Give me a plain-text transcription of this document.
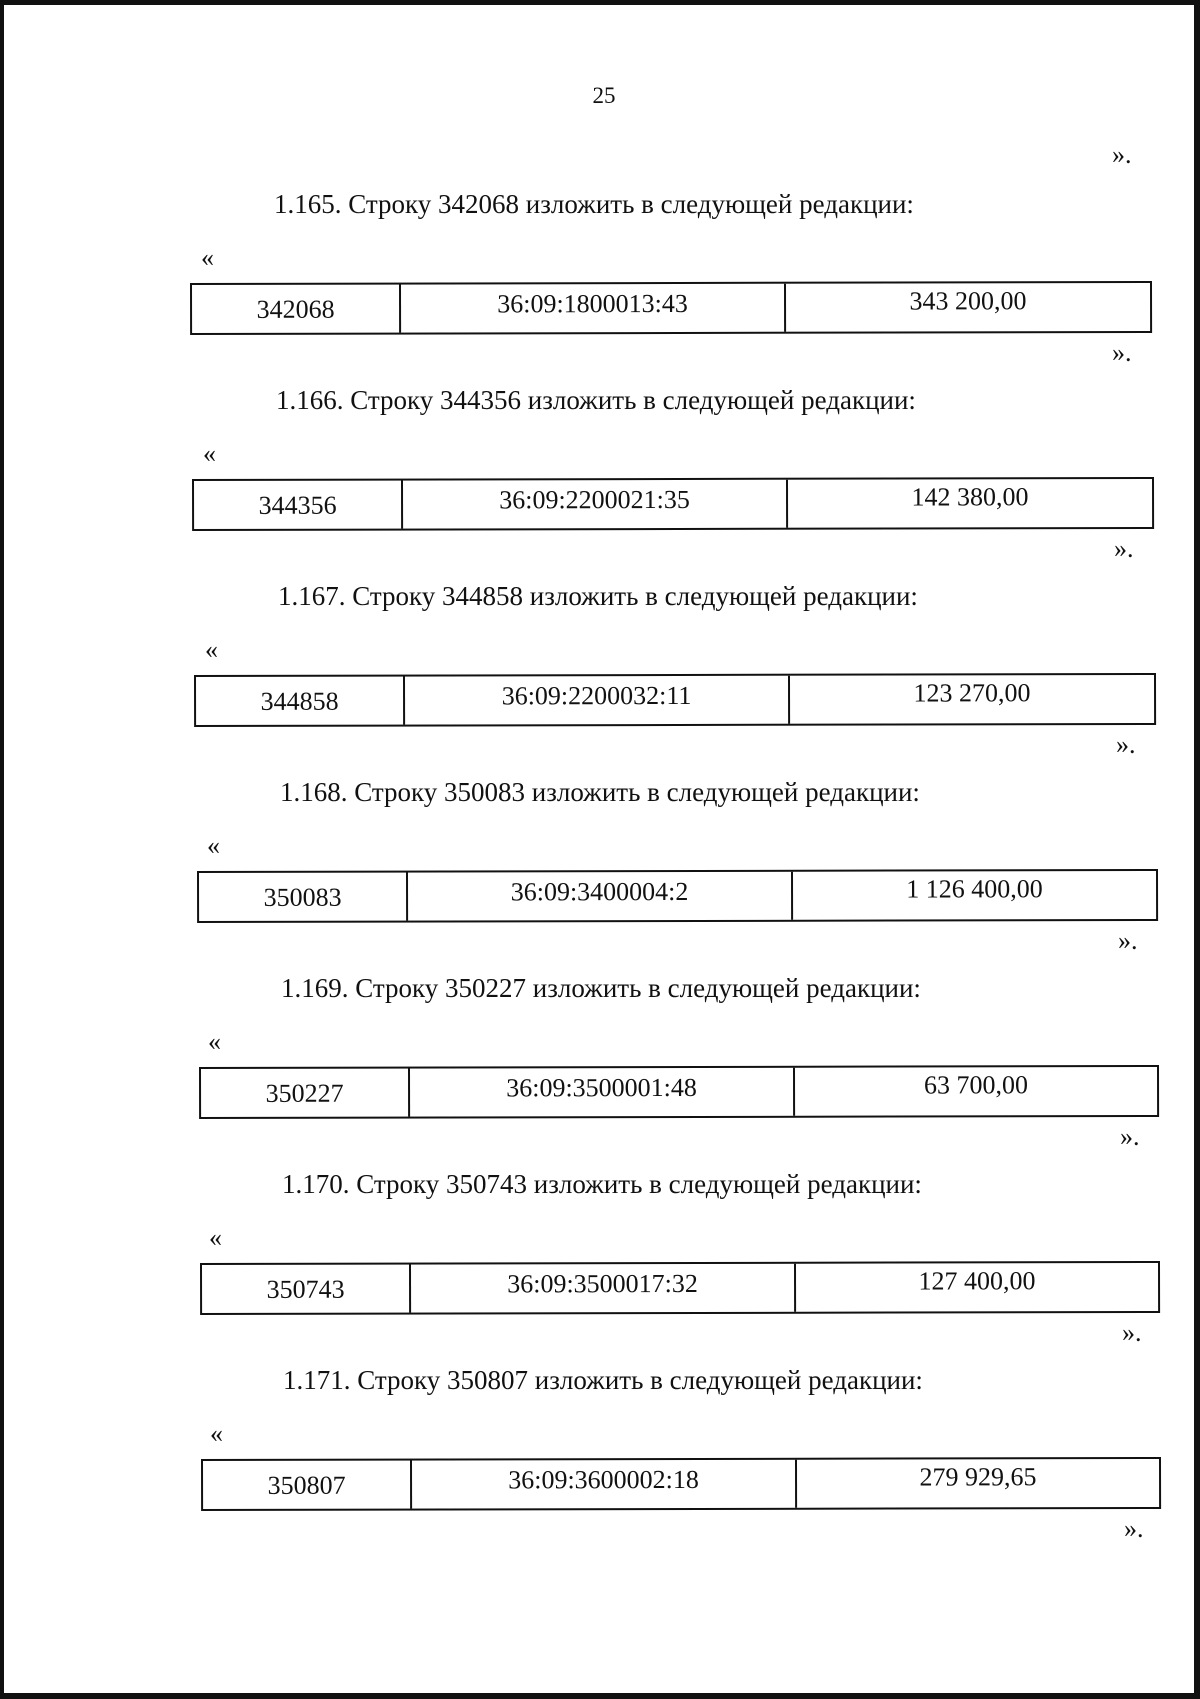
25
».
1.165. Строку 342068 изложить в следующей редакции:
«
342068	36:09:1800013:43	343 200,00
».
1.166. Строку 344356 изложить в следующей редакции:
«
344356	36:09:2200021:35	142 380,00
».
1.167. Строку 344858 изложить в следующей редакции:
«
344858	36:09:2200032:11	123 270,00
».
1.168. Строку 350083 изложить в следующей редакции:
«
350083	36:09:3400004:2	1 126 400,00
».
1.169. Строку 350227 изложить в следующей редакции:
«
350227	36:09:3500001:48	63 700,00
».
1.170. Строку 350743 изложить в следующей редакции:
«
350743	36:09:3500017:32	127 400,00
».
1.171. Строку 350807 изложить в следующей редакции:
«
350807	36:09:3600002:18	279 929,65
».
